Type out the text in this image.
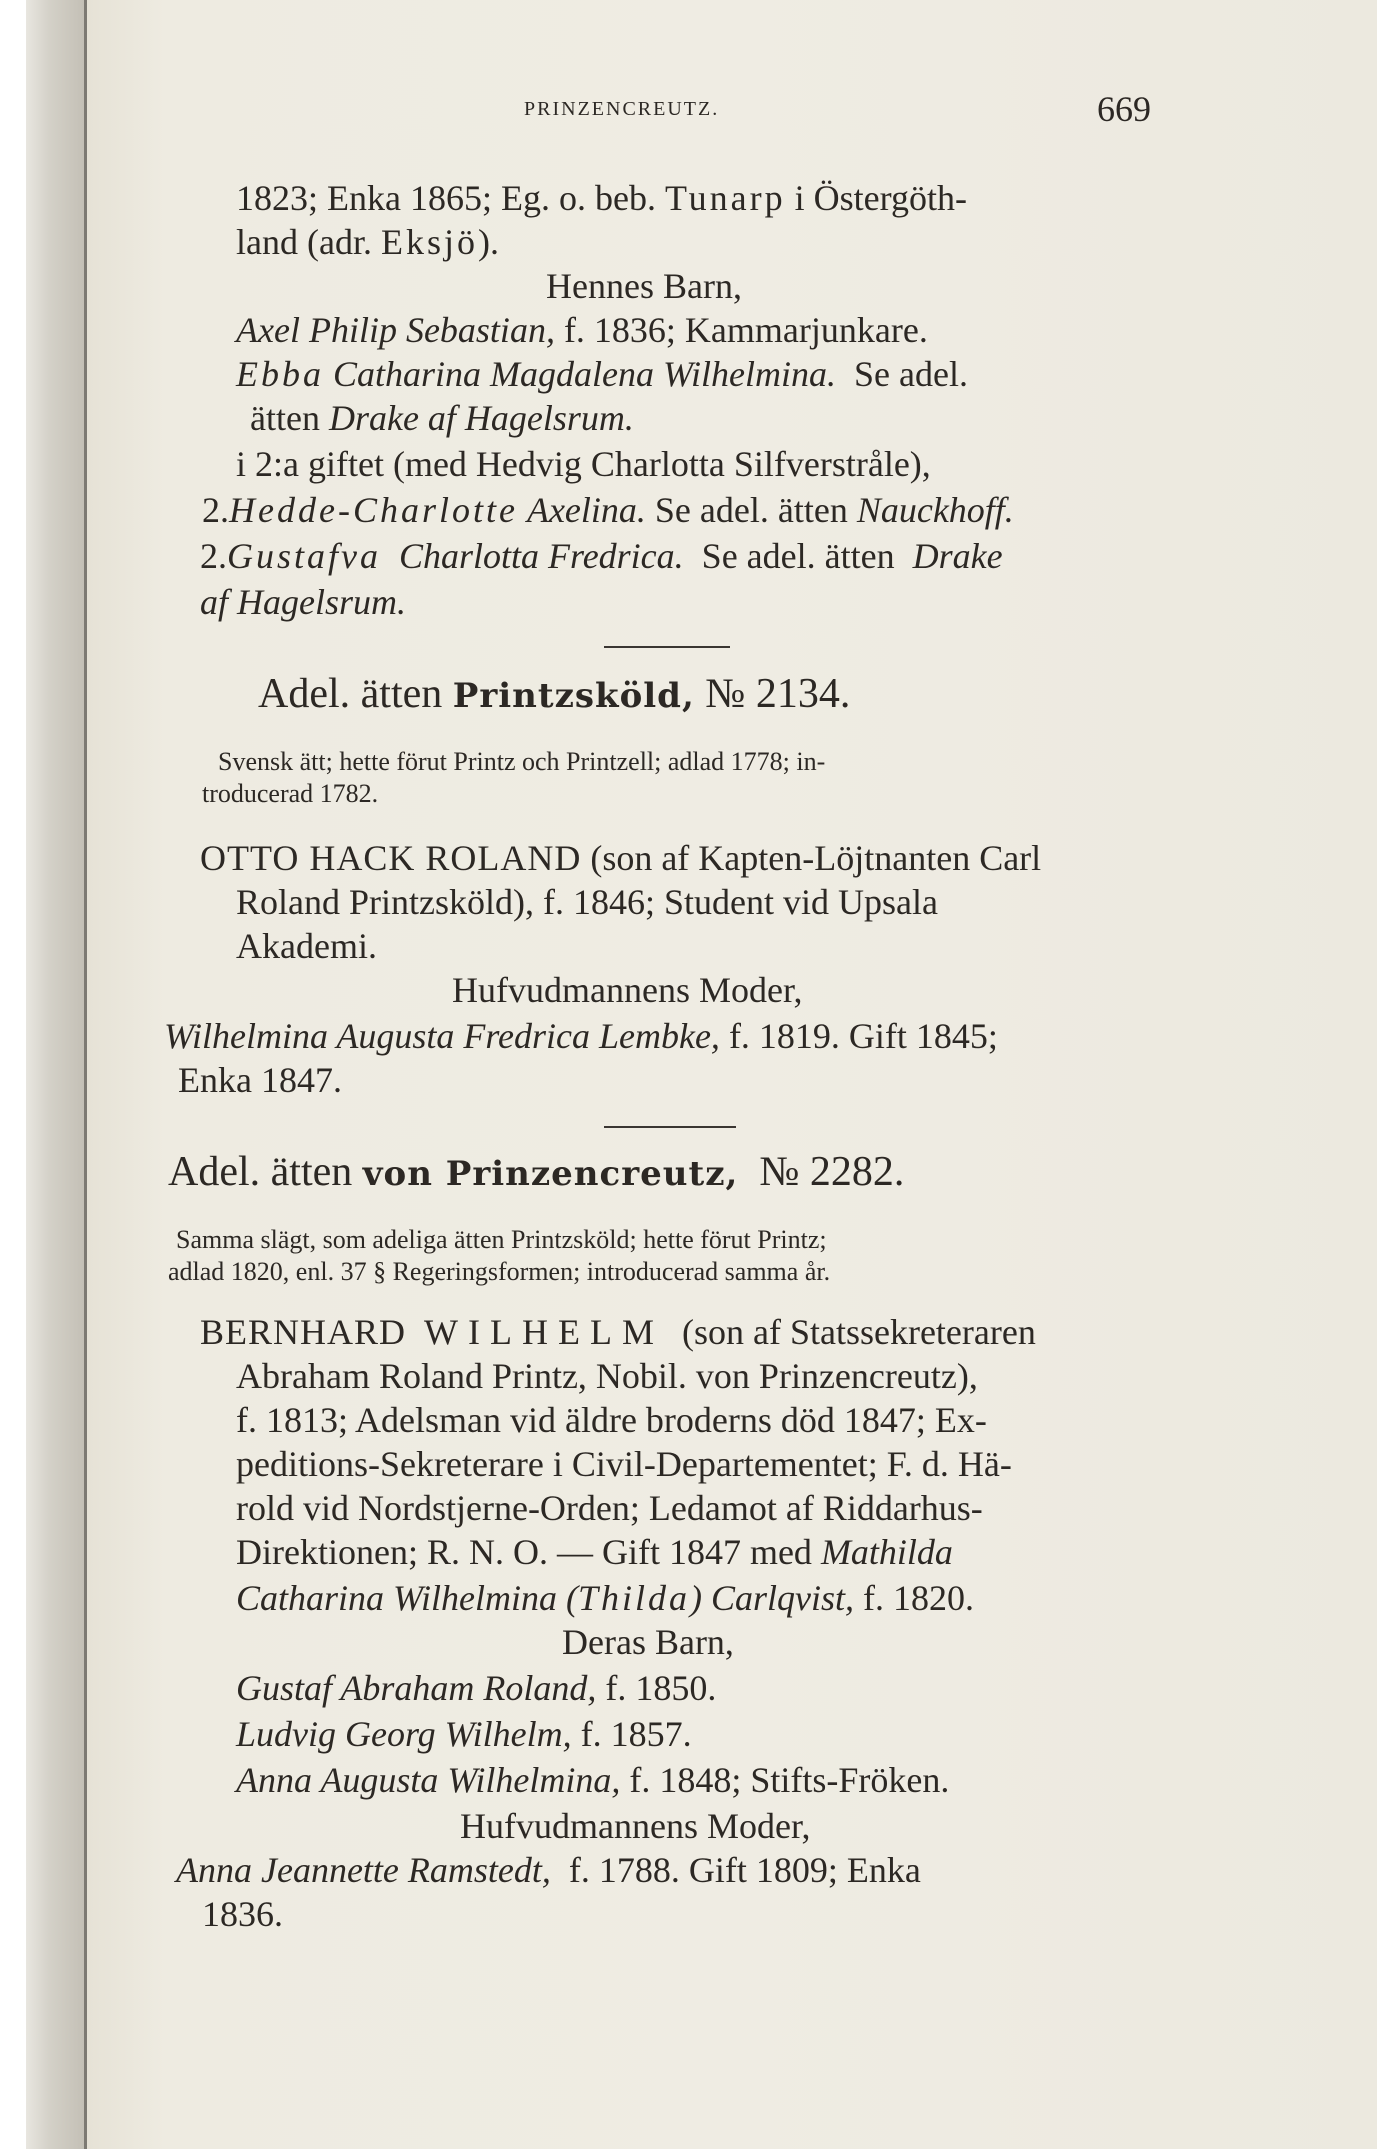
PRINZENCREUTZ.	669
1823; Enka 1865; Eg. o. beb. Tunarp i Östergöth-
land (adr. Eksjö).
Hennes Barn,
Axel Philip Sebastian, f. 1836; Kammarjunkare.
Ebba Catharina Magdalena Wilhelmina. Se adel.
ätten Drake af Hagelsrum.
i 2:a giftet (med Hedvig Charlotta Silfverstråle),
2.Hedde-Charlotte Axelina. Se adel. ätten Nauckhoff.
2.Gustafva Charlotta Fredrica. Se adel. ätten Drake
af Hagelsrum.
Adel. ätten Printzsköld, № 2134.
Svensk ätt; hette förut Printz och Printzell; adlad 1778; in-
troducerad 1782.
OTTO HACK ROLAND (son af Kapten-Löjtnanten Carl
Roland Printzsköld), f. 1846; Student vid Upsala
Akademi.
Hufvudmannens Moder,
Wilhelmina Augusta Fredrica Lembke, f. 1819. Gift 1845;
Enka 1847.
Adel. ätten von Prinzencreutz, № 2282.
Samma slägt, som adeliga ätten Printzsköld; hette förut Printz;
adlad 1820, enl. 37 § Regeringsformen; introducerad samma år.
BERNHARD WILHELM (son af Statssekreteraren
Abraham Roland Printz, Nobil. von Prinzencreutz),
f. 1813; Adelsman vid äldre broderns död 1847; Ex-
peditions-Sekreterare i Civil-Departementet; F. d. Hä-
rold vid Nordstjerne-Orden; Ledamot af Riddarhus-
Direktionen; R. N. O. — Gift 1847 med Mathilda
Catharina Wilhelmina (Thilda) Carlqvist, f. 1820.
Deras Barn,
Gustaf Abraham Roland, f. 1850.
Ludvig Georg Wilhelm, f. 1857.
Anna Augusta Wilhelmina, f. 1848; Stifts-Fröken.
Hufvudmannens Moder,
Anna Jeannette Ramstedt, f. 1788. Gift 1809; Enka
1836.
